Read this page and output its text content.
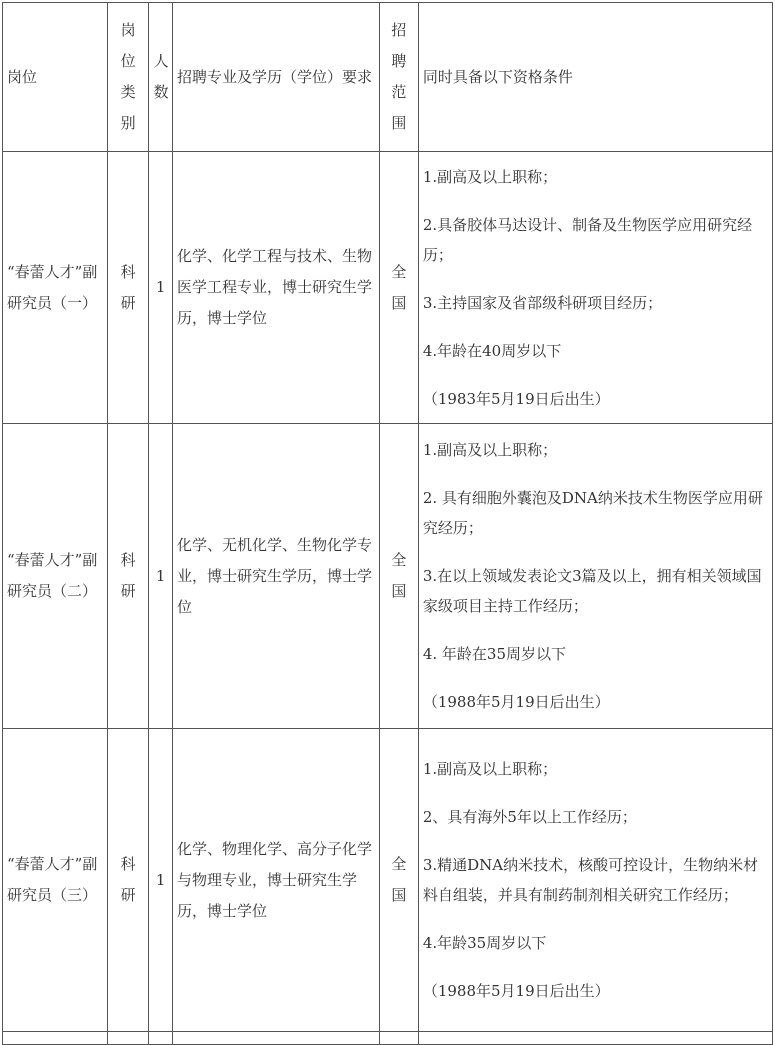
岗位	岗位类别	人数	招聘专业及学历（学位）要求	招聘范围	同时具备以下资格条件
“春蕾人才”副研究员（一）	科研	1	化学、化学工程与技术、生物医学工程专业，博士研究生学历，博士学位	全国	1.副高及以上职称；
2.具备胶体马达设计、制备及生物医学应用研究经历；
3.主持国家及省部级科研项目经历；
4.年龄在40周岁以下
（1983年5月19日后出生）

“春蕾人才”副研究员（二）	科研	1	化学、无机化学、生物化学专业，博士研究生学历，博士学位	全国	1.副高及以上职称；
2. 具有细胞外囊泡及DNA纳米技术生物医学应用研究经历；
3.在以上领域发表论文3篇及以上，拥有相关领域国家级项目主持工作经历；
4. 年龄在35周岁以下
（1988年5月19日后出生）

“春蕾人才”副研究员（三）	科研	1	化学、物理化学、高分子化学与物理专业，博士研究生学历，博士学位	全国	1.副高及以上职称；
2、具有海外5年以上工作经历；
3.精通DNA纳米技术，核酸可控设计，生物纳米材料自组装，并具有制药制剂相关研究工作经历；
4.年龄35周岁以下
（1988年5月19日后出生）
